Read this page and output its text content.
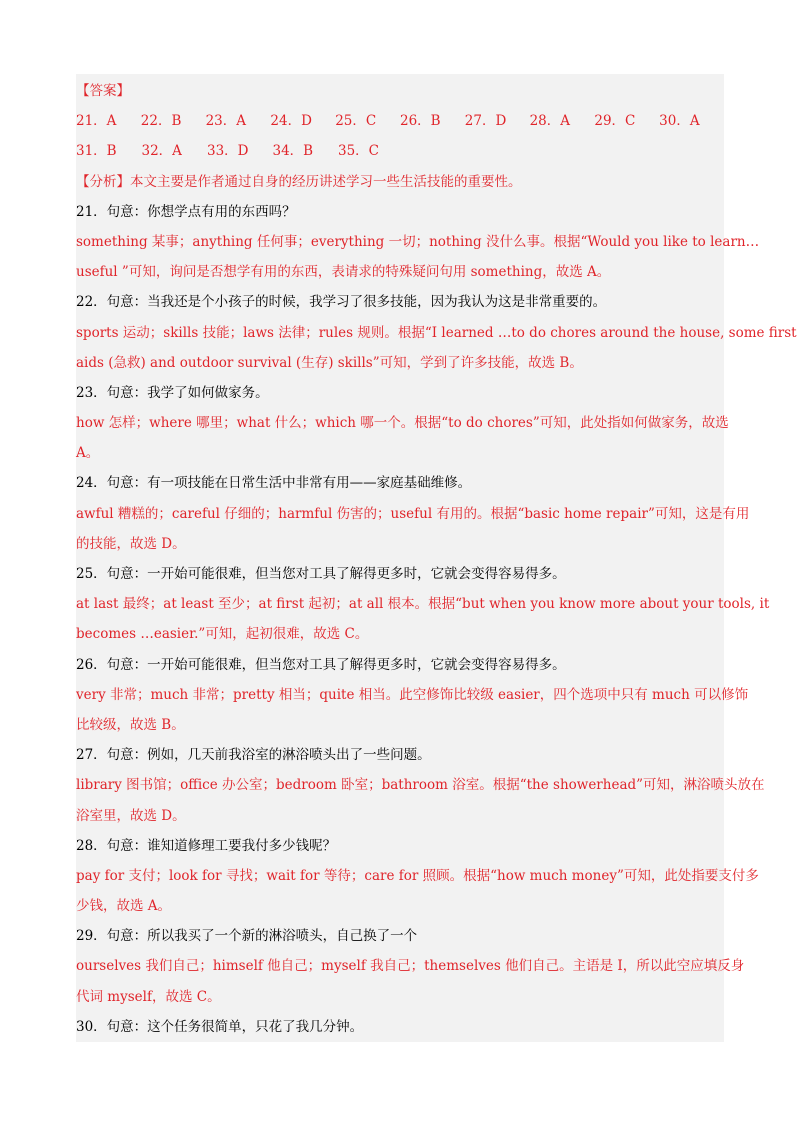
【答案】
21．A	22．B	23．A	24．D	25．C	26．B	27．D	28．A	29．C	30．A
31．B	32．A	33．D	34．B	35．C
【分析】本文主要是作者通过自身的经历讲述学习一些生活技能的重要性。
21．句意：你想学点有用的东西吗？
something 某事；anything 任何事；everything 一切；nothing 没什么事。根据“Would you like to learn…
useful ”可知，询问是否想学有用的东西，表请求的特殊疑问句用 something，故选 A。
22．句意：当我还是个小孩子的时候，我学习了很多技能，因为我认为这是非常重要的。
sports 运动；skills 技能；laws 法律；rules 规则。根据“I learned …to do chores around the house, some first
aids (急救) and outdoor survival (生存) skills”可知，学到了许多技能，故选 B。
23．句意：我学了如何做家务。
how 怎样；where 哪里；what 什么；which 哪一个。根据“to do chores”可知，此处指如何做家务，故选
A。
24．句意：有一项技能在日常生活中非常有用——家庭基础维修。
awful 糟糕的；careful 仔细的；harmful 伤害的；useful 有用的。根据“basic home repair”可知，这是有用
的技能，故选 D。
25．句意：一开始可能很难，但当您对工具了解得更多时，它就会变得容易得多。
at last 最终；at least 至少；at first 起初；at all 根本。根据“but when you know more about your tools, it
becomes …easier.”可知，起初很难，故选 C。
26．句意：一开始可能很难，但当您对工具了解得更多时，它就会变得容易得多。
very 非常；much 非常；pretty 相当；quite 相当。此空修饰比较级 easier，四个选项中只有 much 可以修饰
比较级，故选 B。
27．句意：例如，几天前我浴室的淋浴喷头出了一些问题。
library 图书馆；office 办公室；bedroom 卧室；bathroom 浴室。根据“the showerhead”可知，淋浴喷头放在
浴室里，故选 D。
28．句意：谁知道修理工要我付多少钱呢？
pay for 支付；look for 寻找；wait for 等待；care for 照顾。根据“how much money”可知，此处指要支付多
少钱，故选 A。
29．句意：所以我买了一个新的淋浴喷头，自己换了一个
ourselves 我们自己；himself 他自己；myself 我自己；themselves 他们自己。主语是 I，所以此空应填反身
代词 myself，故选 C。
30．句意：这个任务很简单，只花了我几分钟。
